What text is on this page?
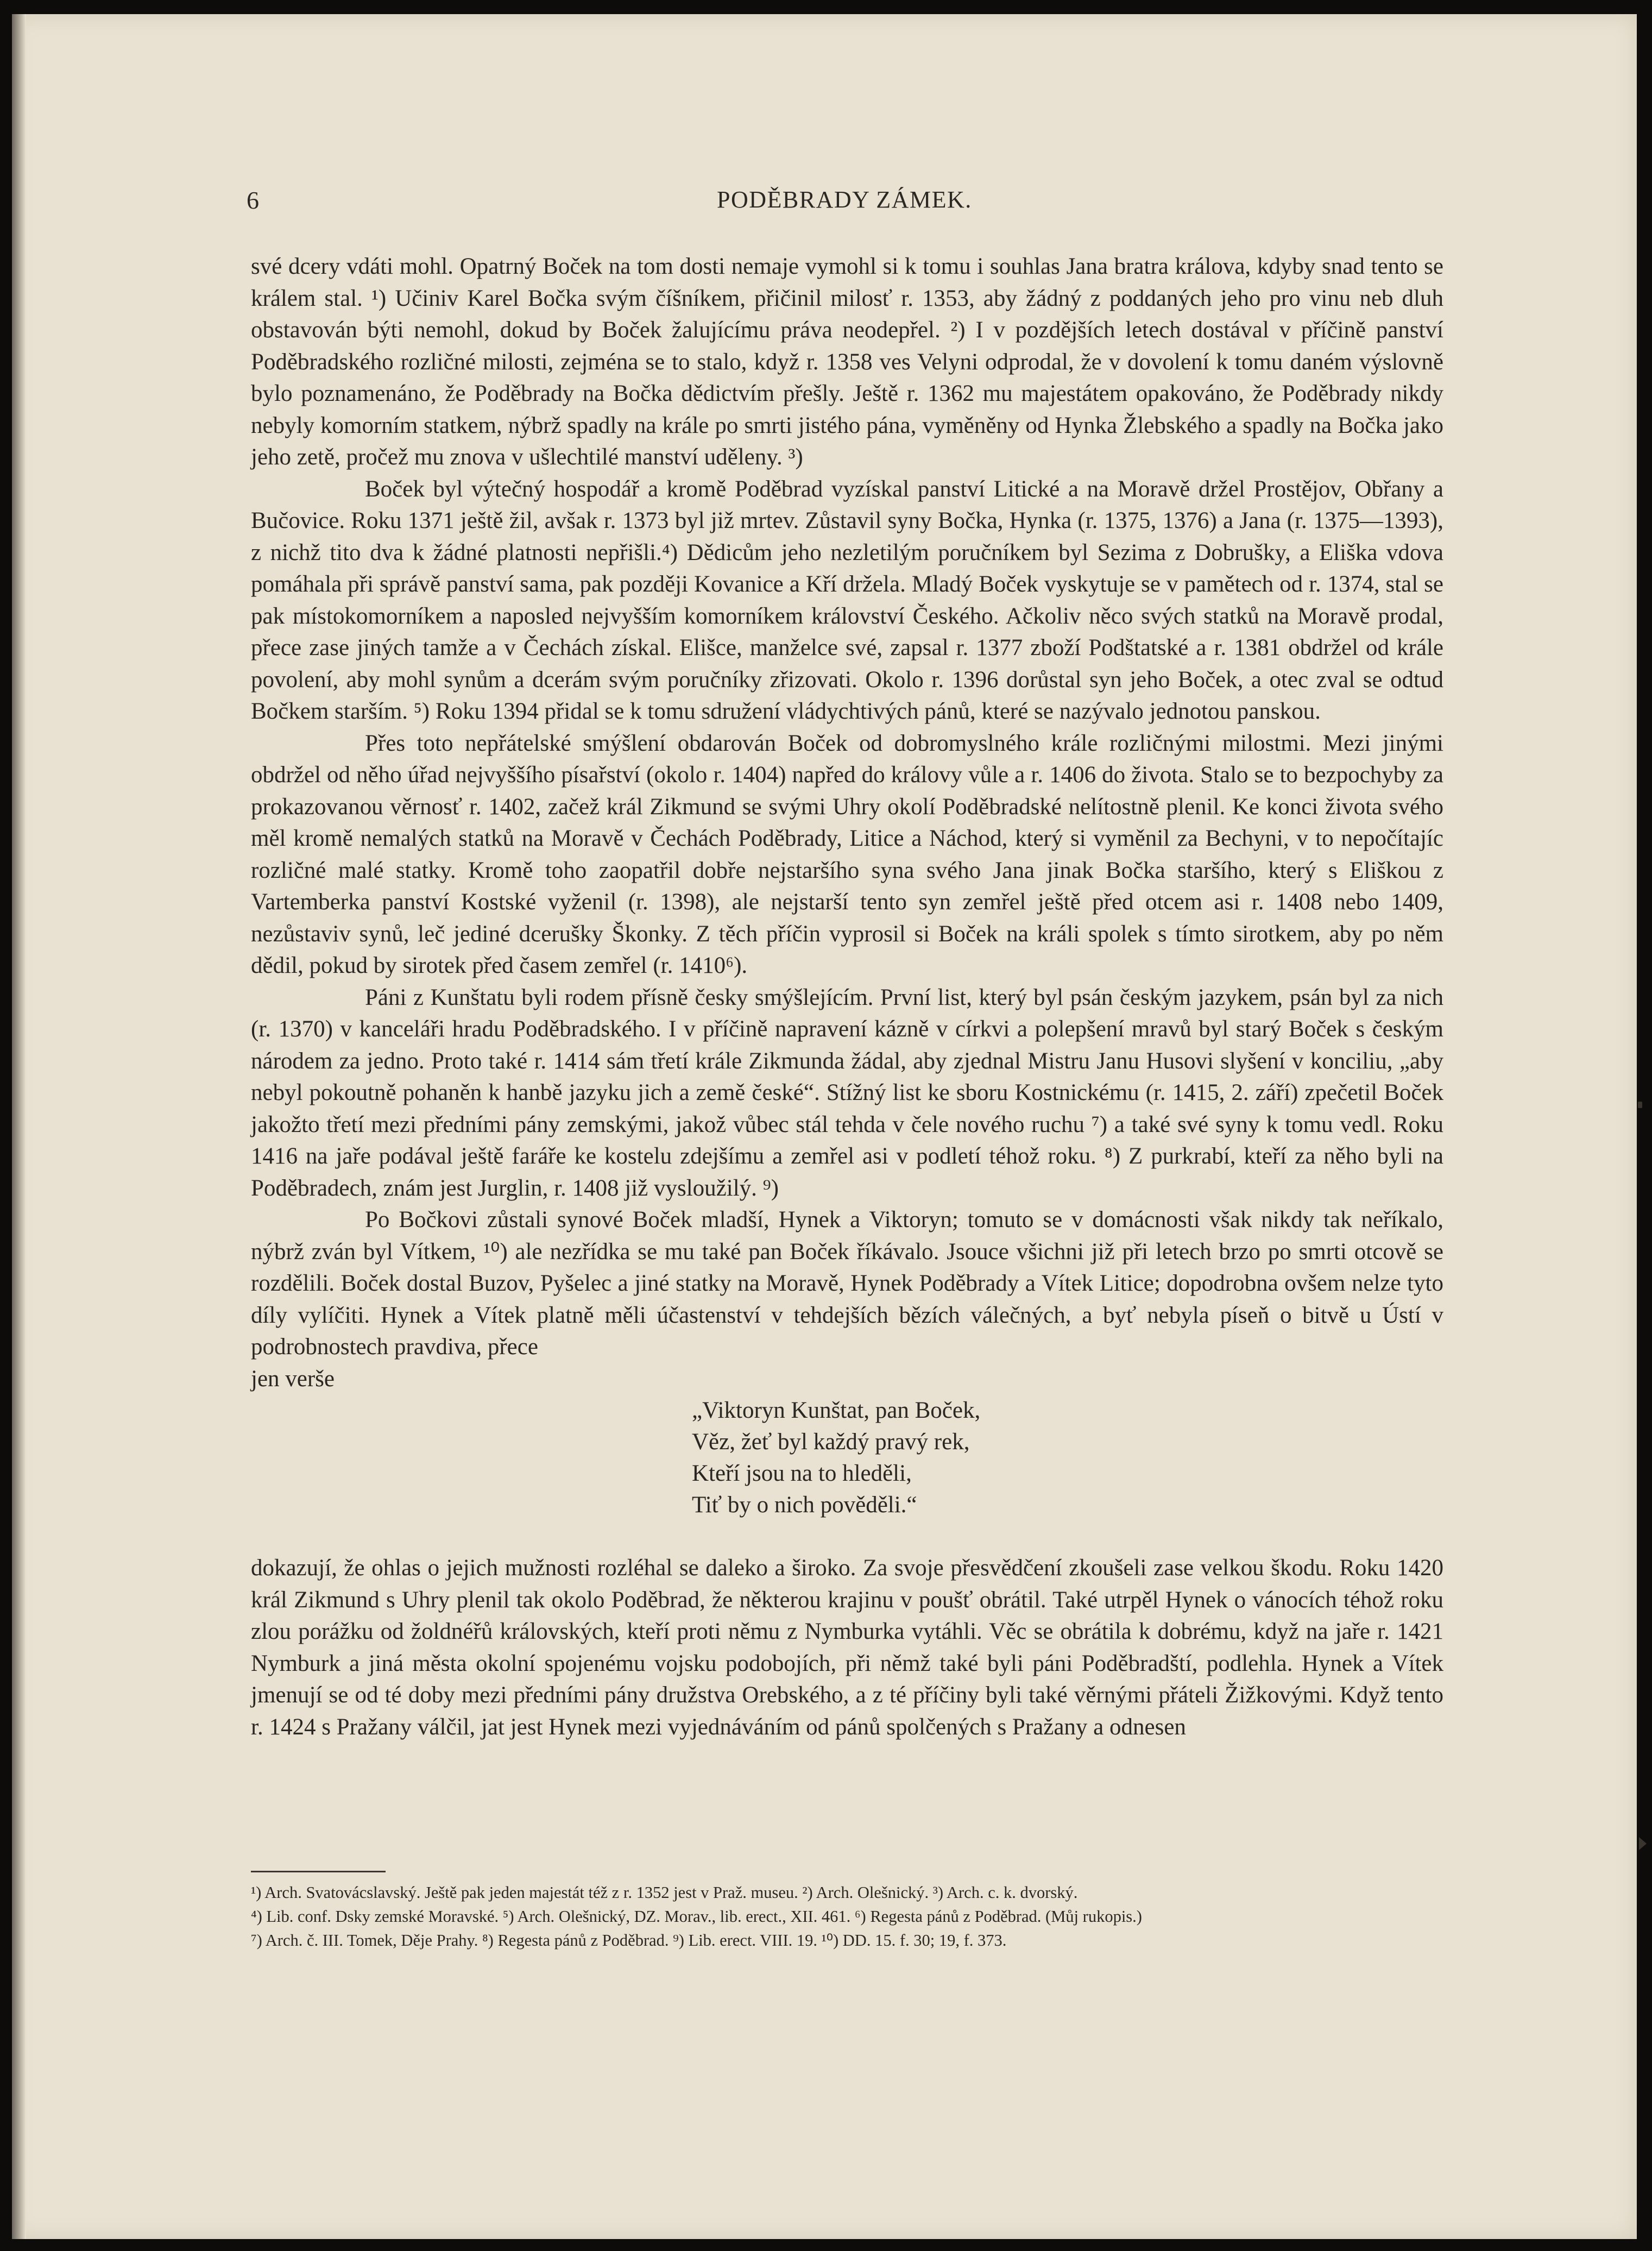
6	PODĚBRADY ZÁMEK.

své dcery vdáti mohl. Opatrný Boček na tom dosti nemaje vymohl si k tomu i souhlas Jana bratra králova, kdyby snad tento se králem stal. ¹) Učiniv Karel Bočka svým číšníkem, přičinil milosť r. 1353, aby žádný z poddaných jeho pro vinu neb dluh obstavován býti nemohl, dokud by Boček žalujícímu práva neodepřel. ²) I v pozdějších letech dostával v příčině panství Poděbradského rozličné milosti, zejména se to stalo, když r. 1358 ves Velyni odprodal, že v dovolení k tomu daném výslovně bylo poznamenáno, že Poděbrady na Bočka dědictvím přešly. Ještě r. 1362 mu majestátem opakováno, že Poděbrady nikdy nebyly komorním statkem, nýbrž spadly na krále po smrti jistého pána, vyměněny od Hynka Žlebského a spadly na Bočka jako jeho zetě, pročež mu znova v ušlechtilé manství uděleny. ³)

Boček byl výtečný hospodář a kromě Poděbrad vyzískal panství Litické a na Moravě držel Prostějov, Obřany a Bučovice. Roku 1371 ještě žil, avšak r. 1373 byl již mrtev. Zůstavil syny Bočka, Hynka (r. 1375, 1376) a Jana (r. 1375—1393), z nichž tito dva k žádné platnosti nepřišli.⁴) Dědicům jeho nezletilým poručníkem byl Sezima z Dobrušky, a Eliška vdova pomáhala při správě panství sama, pak později Kovanice a Kří držela. Mladý Boček vyskytuje se v pamětech od r. 1374, stal se pak místokomorníkem a naposled nejvyšším komorníkem království Českého. Ačkoliv něco svých statků na Moravě prodal, přece zase jiných tamže a v Čechách získal. Elišce, manželce své, zapsal r. 1377 zboží Podštatské a r. 1381 obdržel od krále povolení, aby mohl synům a dcerám svým poručníky zřizovati. Okolo r. 1396 dorůstal syn jeho Boček, a otec zval se odtud Bočkem starším. ⁵) Roku 1394 přidal se k tomu sdružení vládychtivých pánů, které se nazývalo jednotou panskou.

Přes toto nepřátelské smýšlení obdarován Boček od dobromyslného krále rozličnými milostmi. Mezi jinými obdržel od něho úřad nejvyššího písařství (okolo r. 1404) napřed do královy vůle a r. 1406 do života. Stalo se to bezpochyby za prokazovanou věrnosť r. 1402, začež král Zikmund se svými Uhry okolí Poděbradské nelítostně plenil. Ke konci života svého měl kromě nemalých statků na Moravě v Čechách Poděbrady, Litice a Náchod, který si vyměnil za Bechyni, v to nepočítajíc rozličné malé statky. Kromě toho zaopatřil dobře nejstaršího syna svého Jana jinak Bočka staršího, který s Eliškou z Vartemberka panství Kostské vyženil (r. 1398), ale nejstarší tento syn zemřel ještě před otcem asi r. 1408 nebo 1409, nezůstaviv synů, leč jediné dcerušky Škonky. Z těch příčin vyprosil si Boček na králi spolek s tímto sirotkem, aby po něm dědil, pokud by sirotek před časem zemřel (r. 1410⁶).

Páni z Kunštatu byli rodem přísně česky smýšlejícím. První list, který byl psán českým jazykem, psán byl za nich (r. 1370) v kanceláři hradu Poděbradského. I v příčině napravení kázně v církvi a polepšení mravů byl starý Boček s českým národem za jedno. Proto také r. 1414 sám třetí krále Zikmunda žádal, aby zjednal Mistru Janu Husovi slyšení v konciliu, „aby nebyl pokoutně pohaněn k hanbě jazyku jich a země české“. Stížný list ke sboru Kostnickému (r. 1415, 2. září) zpečetil Boček jakožto třetí mezi předními pány zemskými, jakož vůbec stál tehda v čele nového ruchu ⁷) a také své syny k tomu vedl. Roku 1416 na jaře podával ještě faráře ke kostelu zdejšímu a zemřel asi v podletí téhož roku. ⁸) Z purkrabí, kteří za něho byli na Poděbradech, znám jest Jurglin, r. 1408 již vysloužilý. ⁹)

Po Bočkovi zůstali synové Boček mladší, Hynek a Viktoryn; tomuto se v domácnosti však nikdy tak neříkalo, nýbrž zván byl Vítkem, ¹⁰) ale nezřídka se mu také pan Boček říkávalo. Jsouce všichni již při letech brzo po smrti otcově se rozdělili. Boček dostal Buzov, Pyšelec a jiné statky na Moravě, Hynek Poděbrady a Vítek Litice; dopodrobna ovšem nelze tyto díly vylíčiti. Hynek a Vítek platně měli účastenství v tehdejších bězích válečných, a byť nebyla píseň o bitvě u Ústí v podrobnostech pravdiva, přece

jen verše

„Viktoryn Kunštat, pan Boček,
Věz, žeť byl každý pravý rek,
Kteří jsou na to hleděli,
Tiť by o nich pověděli.“

dokazují, že ohlas o jejich mužnosti rozléhal se daleko a široko. Za svoje přesvědčení zkoušeli zase velkou škodu. Roku 1420 král Zikmund s Uhry plenil tak okolo Poděbrad, že některou krajinu v poušť obrátil. Také utrpěl Hynek o vánocích téhož roku zlou porážku od žoldnéřů královských, kteří proti němu z Nymburka vytáhli. Věc se obrátila k dobrému, když na jaře r. 1421 Nymburk a jiná města okolní spojenému vojsku podobojích, při němž také byli páni Poděbradští, podlehla. Hynek a Vítek jmenují se od té doby mezi předními pány družstva Orebského, a z té příčiny byli také věrnými přáteli Žižkovými. Když tento r. 1424 s Pražany válčil, jat jest Hynek mezi vyjednáváním od pánů spolčených s Pražany a odnesen

¹) Arch. Svatovácslavský. Ještě pak jeden majestát též z r. 1352 jest v Praž. museu. ²) Arch. Olešnický. ³) Arch. c. k. dvorský.

⁴) Lib. conf. Dsky zemské Moravské. ⁵) Arch. Olešnický, DZ. Morav., lib. erect., XII. 461. ⁶) Regesta pánů z Poděbrad. (Můj rukopis.)

⁷) Arch. č. III. Tomek, Děje Prahy. ⁸) Regesta pánů z Poděbrad. ⁹) Lib. erect. VIII. 19. ¹⁰) DD. 15. f. 30; 19, f. 373.
